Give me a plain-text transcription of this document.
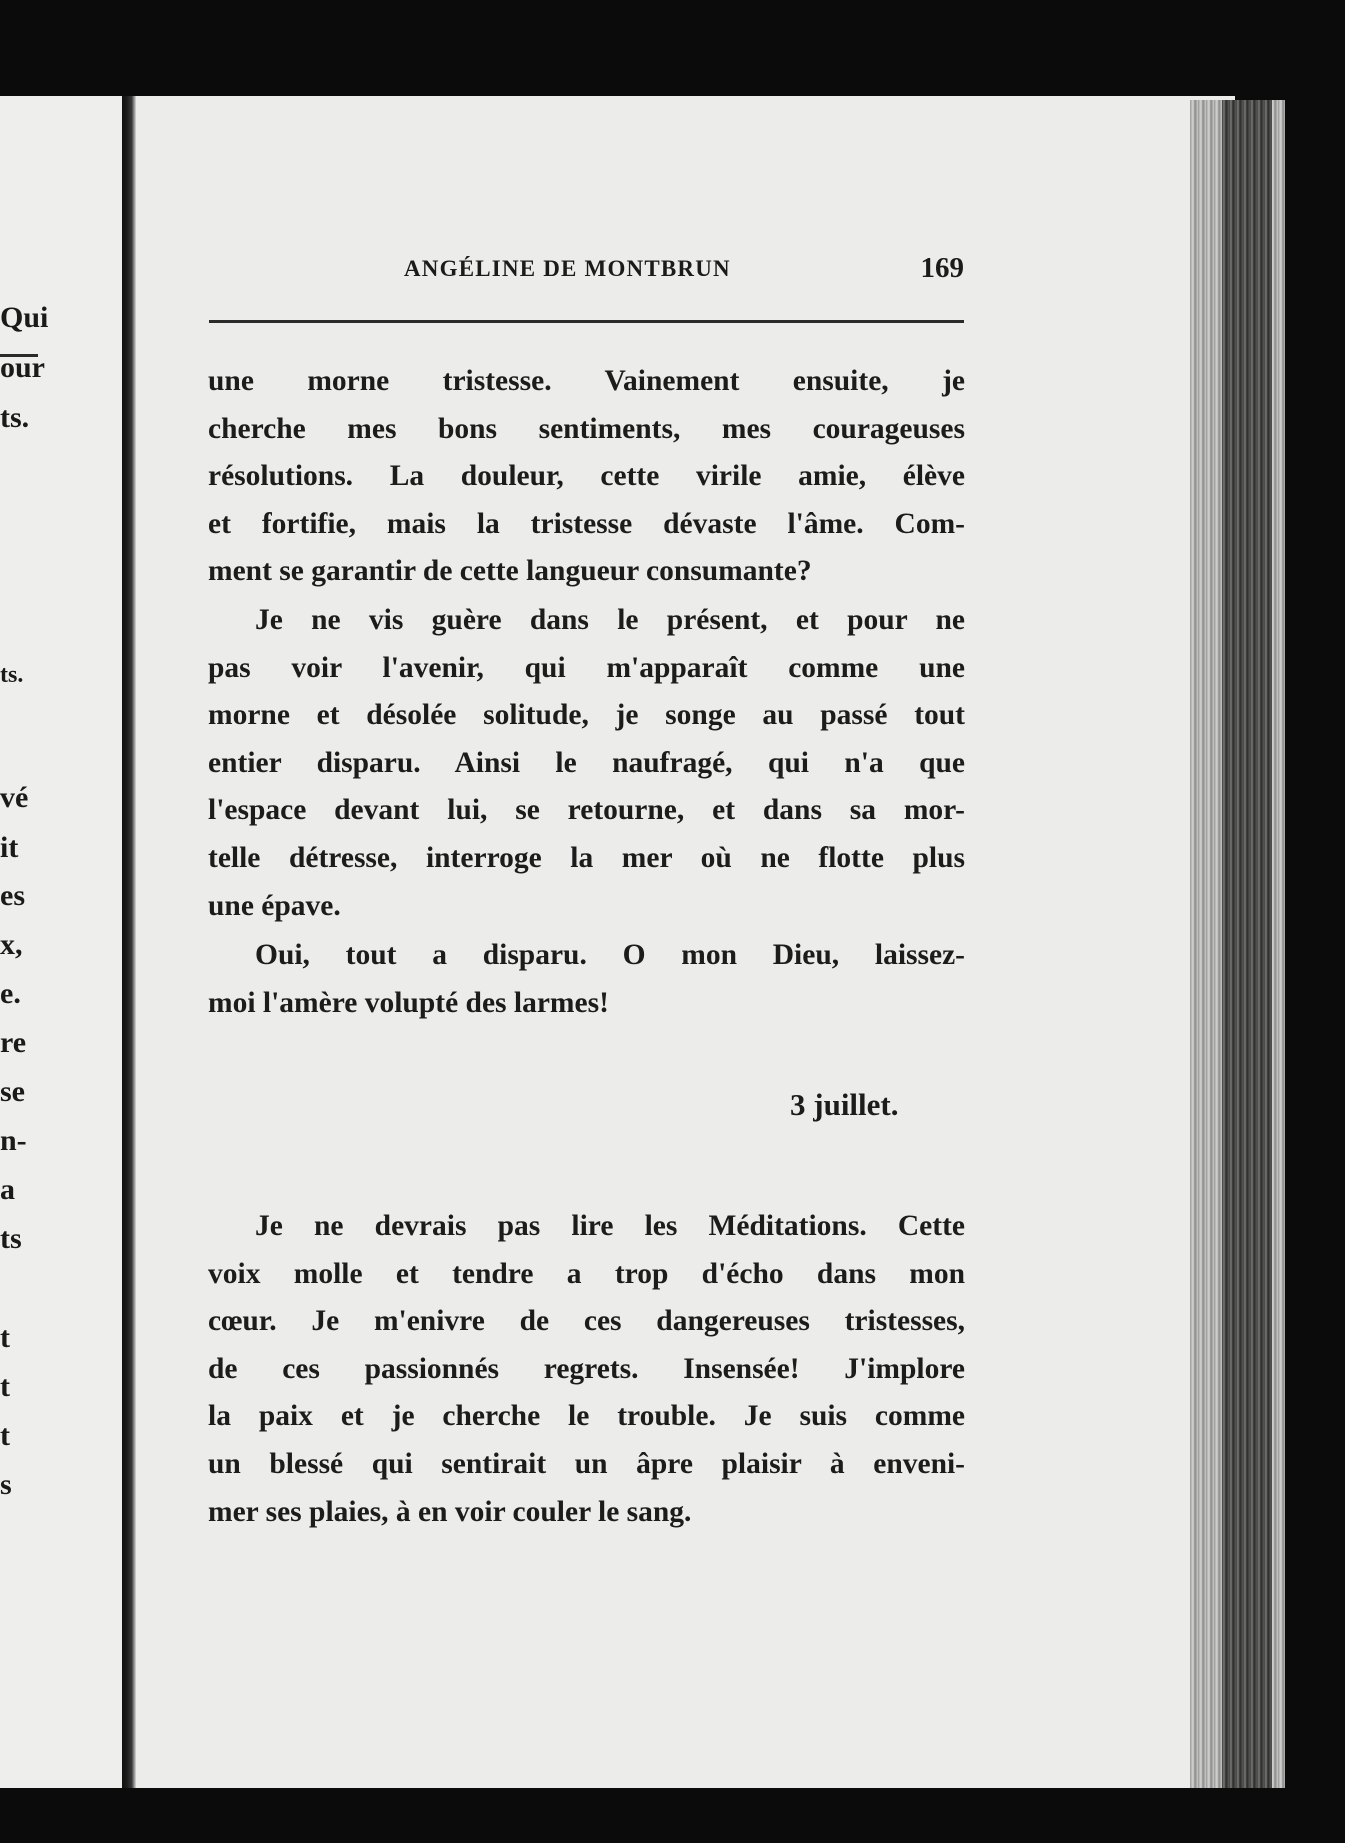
Qui
our
ts.
ts.
vé
it
es
x,
e.
re
se
n-
a
ts
t
t
t
s
ANGÉLINE DE MONTBRUN	169

une morne tristesse. Vainement ensuite, je
cherche mes bons sentiments, mes courageuses
résolutions. La douleur, cette virile amie, élève
et fortifie, mais la tristesse dévaste l'âme. Com-
ment se garantir de cette langueur consumante?

Je ne vis guère dans le présent, et pour ne
pas voir l'avenir, qui m'apparaît comme une
morne et désolée solitude, je songe au passé tout
entier disparu. Ainsi le naufragé, qui n'a que
l'espace devant lui, se retourne, et dans sa mor-
telle détresse, interroge la mer où ne flotte plus
une épave.

Oui, tout a disparu. O mon Dieu, laissez-
moi l'amère volupté des larmes!

3 juillet.

Je ne devrais pas lire les Méditations. Cette
voix molle et tendre a trop d'écho dans mon
cœur. Je m'enivre de ces dangereuses tristesses,
de ces passionnés regrets. Insensée! J'implore
la paix et je cherche le trouble. Je suis comme
un blessé qui sentirait un âpre plaisir à enveni-
mer ses plaies, à en voir couler le sang.
